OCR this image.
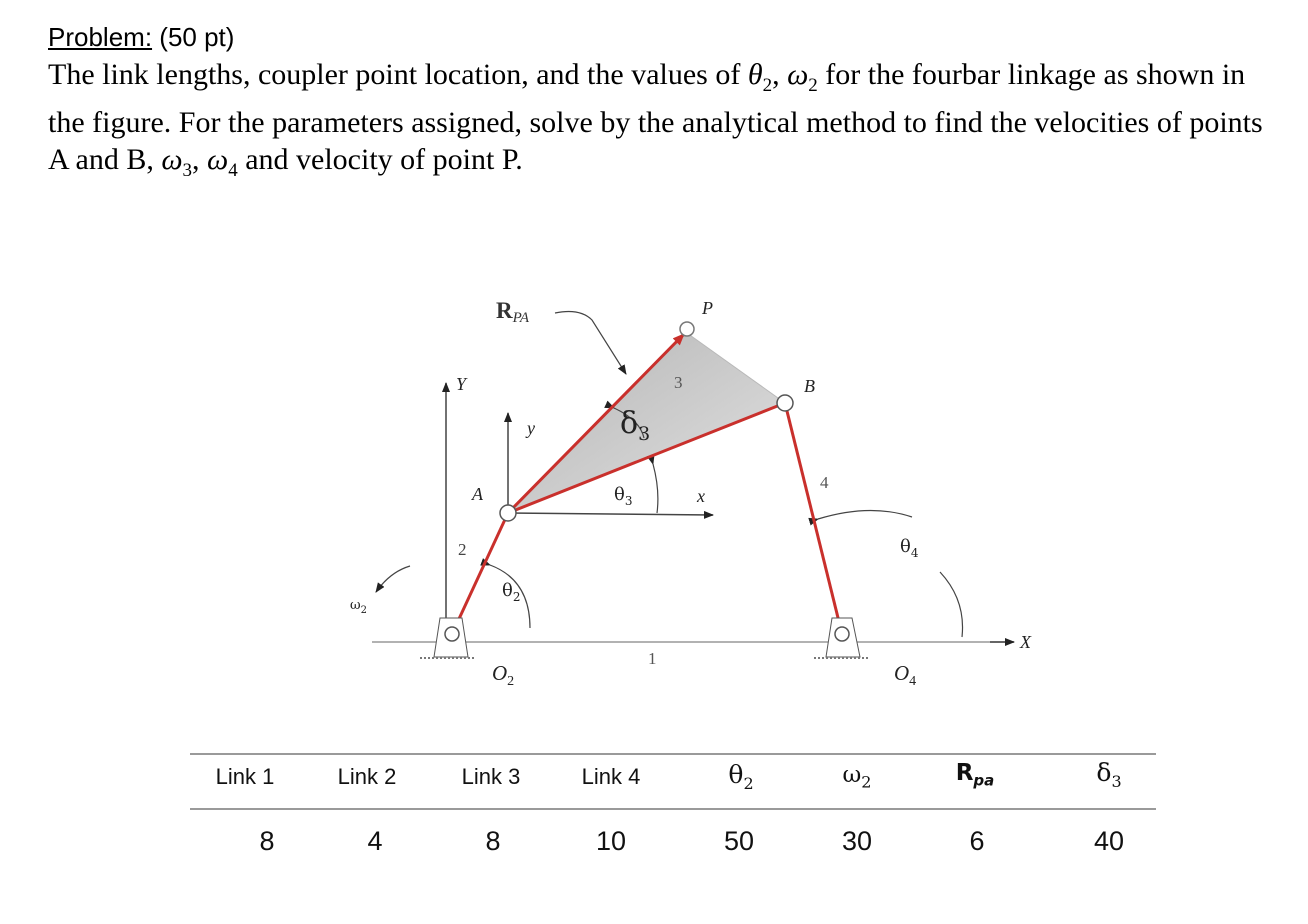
Problem: (50 pt)
The link lengths, coupler point location, and the values of $\theta_2$, $\omega_2$ for the fourbar linkage as shown in the figure. For the parameters assigned, solve by the analytical method to find the velocities of points A and B, $\omega_3$, $\omega_4$ and velocity of point P.
RPA	P
Y	3	B
y	$\delta_3$
A	$\theta_3$	x
4
$\theta_4$
2
$\theta_2$
$\omega_2$
1
X
$O_2$	$O_4$
Link 1	Link 2	Link 3	Link 4	$\theta_2$	$\omega_2$	$R_{pa}$	$\delta_3$
8	4	8	10	50	30	6	40
